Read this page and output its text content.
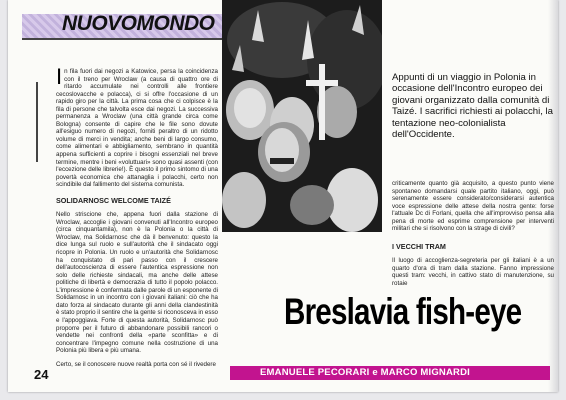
NUOVOMONDO

In fila fuori dai negozi a Katowice, persa la coincidenza con il treno per Wroclaw (a causa di quattro ore di ritardo accumulate nei controlli alle frontiere cecoslovacche e polacca), ci si offre l'occasione di un rapido giro per la città. La prima cosa che ci colpisce è la fila di persone che talvolta esce dai negozi. La successiva permanenza a Wroclaw (una città grande circa come Bologna) consente di capire che le file sono dovute all'esiguo numero di negozi, forniti peraltro di un ridotto volume di merci in vendita; anche beni di largo consumo, come alimentari e abbigliamento, sembrano in quantità appena sufficienti a coprire i bisogni essenziali nel breve termine, mentre i beni «voluttuari» sono quasi assenti (con l'eccezione delle librerie!). È questo il primo sintomo di una povertà economica che attanaglia i polacchi, certo non scindibile dal fallimento del sistema comunista.

SOLIDARNOSC WELCOME TAIZÉ

Nello striscione che, appena fuori dalla stazione di Wroclaw, accoglie i giovani convenuti all'Incontro europeo (circa cinquantamila), non è la Polonia o la città di Wroclaw, ma Solidarnosc che dà il benvenuto: questo la dice lunga sul ruolo e sull'autorità che il sindacato oggi ricopre in Polonia. Un ruolo e un'autorità che Solidarnosc ha conquistato di pari passo con il crescere dell'autocoscienza di essere l'autentica espressione non solo delle richieste sindacali, ma anche delle attese politiche di libertà e democrazia di tutto il popolo polacco. L'impressione è confermata dalle parole di un esponente di Solidarnosc in un incontro con i giovani italiani: ciò che ha dato forza al sindacato durante gli anni della clandestinità è stato proprio il sentire che la gente si riconosceva in esso e l'appoggiava. Forte di questa autorità, Solidarnosc può proporre per il futuro di abbandonare possibili rancori o vendette nei confronti della «parte sconfitta» e di concentrare l'impegno comune nella costruzione di una Polonia più libera e più umana.

Certo, se il conoscere nuove realtà porta con sé il rivedere

24

Appunti di un viaggio in Polonia in occasione dell'Incontro europeo dei giovani organizzato dalla comunità di Taizé. I sacrifici richiesti ai polacchi, la tentazione neo-colonialista dell'Occidente.

criticamente quanto già acquisito, a questo punto viene spontaneo domandarsi quale partito italiano, oggi, può serenamente essere considerato/considerarsi autentica voce espressione delle attese della nostra gente: forse l'attuale Dc di Forlani, quella che all'improvviso pensa alla pena di morte ed esprime comprensione per interventi militari che si risolvono con la strage di civili?

I VECCHI TRAM

Il luogo di accoglienza-segreteria per gli italiani è a un quarto d'ora di tram dalla stazione. Fanno impressione questi tram: vecchi, in cattivo stato di manutenzione, su rotaie

Breslavia fish-eye

EMANUELE PECORARI e MARCO MIGNARDI
